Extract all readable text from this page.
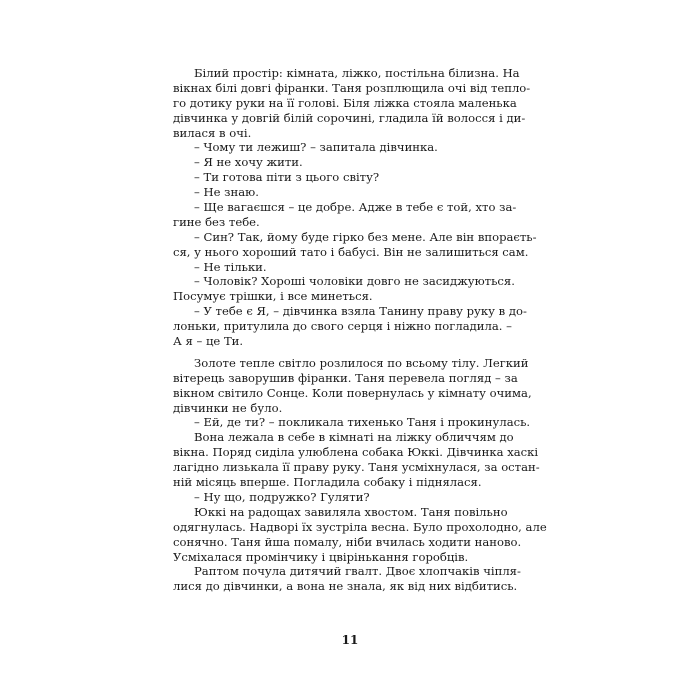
Білий простір: кімната, ліжко, постільна білизна. На
вікнах білі довгі фіранки. Таня розплющила очі від тепло-
го дотику руки на її голові. Біля ліжка стояла маленька
дівчинка у довгій білій сорочині, гладила їй волосся і ди-
вилася в очі.
– Чому ти лежиш? – запитала дівчинка.
– Я не хочу жити.
– Ти готова піти з цього світу?
– Не знаю.
– Ще вагаєшся – це добре. Адже в тебе є той, хто за-
гине без тебе.
– Син? Так, йому буде гірко без мене. Але він впораєть-
ся, у нього хороший тато і бабусі. Він не залишиться сам.
– Не тільки.
– Чоловік? Хороші чоловіки довго не засиджуються.
Посумує трішки, і все минеться.
– У тебе є Я, – дівчинка взяла Танину праву руку в до-
лоньки, притулила до свого серця і ніжно погладила. –
А я – це Ти.
Золоте тепле світло розлилося по всьому тілу. Легкий
вітерець заворушив фіранки. Таня перевела погляд – за
вікном світило Сонце. Коли повернулась у кімнату очима,
дівчинки не було.
– Ей, де ти? – покликала тихенько Таня і прокинулась.
Вона лежала в себе в кімнаті на ліжку обличчям до
вікна. Поряд сиділа улюблена собака Юккі. Дівчинка хаскі
лагідно лизькала її праву руку. Таня усміхнулася, за остан-
ній місяць вперше. Погладила собаку і піднялася.
– Ну що, подружко? Гуляти?
Юккі на радощах завиляла хвостом. Таня повільно
одягнулась. Надворі їх зустріла весна. Було прохолодно, але
сонячно. Таня йша помалу, ніби вчилась ходити наново.
Усміхалася промінчику і цвірінькання горобців.
Раптом почула дитячий гвалт. Двоє хлопчаків чіпля-
лися до дівчинки, а вона не знала, як від них відбитись.
11
